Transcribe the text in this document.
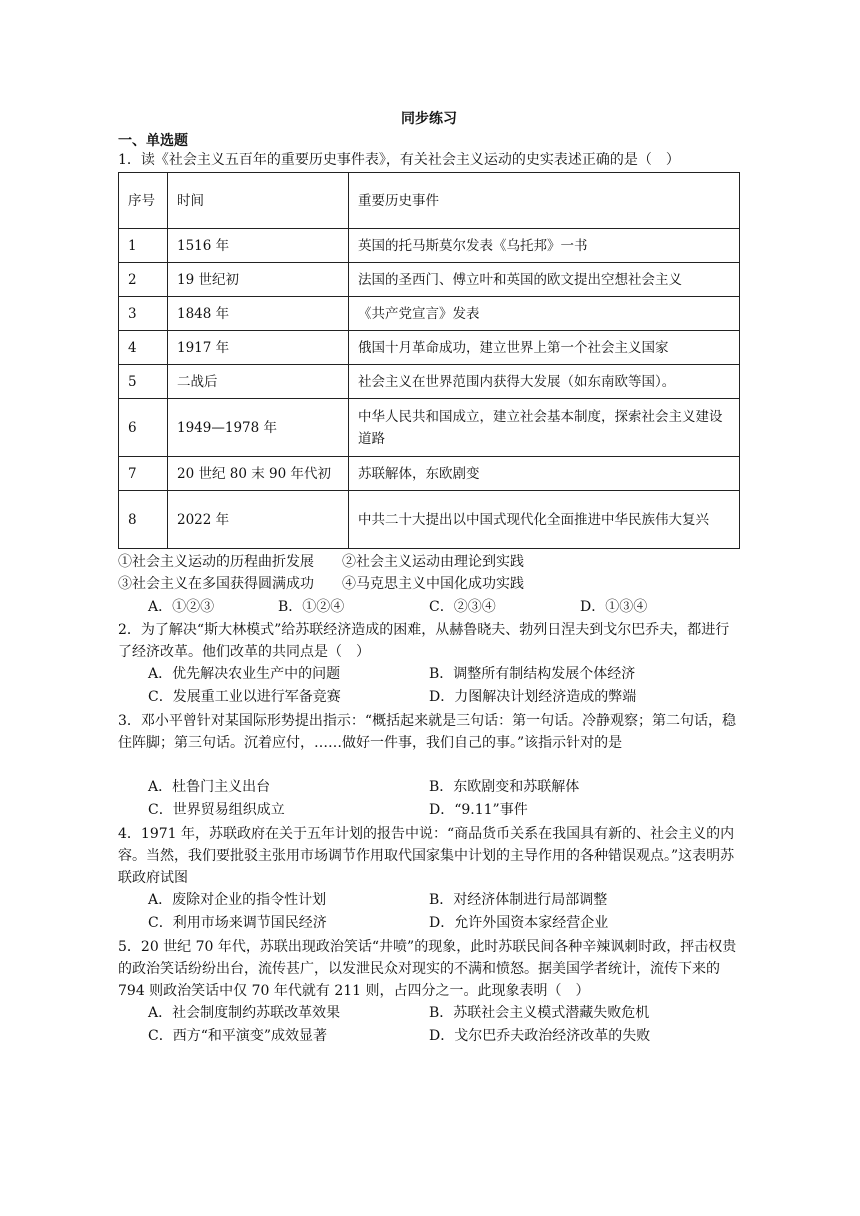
同步练习
一、单选题
1．读《社会主义五百年的重要历史事件表》，有关社会主义运动的史实表述正确的是（　）
序号	时间	重要历史事件
1	1516 年	英国的托马斯莫尔发表《乌托邦》一书
2	19 世纪初	法国的圣西门、傅立叶和英国的欧文提出空想社会主义
3	1848 年	《共产党宣言》发表
4	1917 年	俄国十月革命成功，建立世界上第一个社会主义国家
5	二战后	社会主义在世界范围内获得大发展（如东南欧等国）。
6	1949—1978 年	中华人民共和国成立，建立社会基本制度，探索社会主义建设道路
7	20 世纪 80 末 90 年代初	苏联解体，东欧剧变
8	2022 年	中共二十大提出以中国式现代化全面推进中华民族伟大复兴
①社会主义运动的历程曲折发展　　②社会主义运动由理论到实践
③社会主义在多国获得圆满成功　　④马克思主义中国化成功实践
A．①②③	B．①②④	C．②③④	D．①③④
2．为了解决“斯大林模式”给苏联经济造成的困难，从赫鲁晓夫、勃列日涅夫到戈尔巴乔夫，都进行了经济改革。他们改革的共同点是（　）
A．优先解决农业生产中的问题	B．调整所有制结构发展个体经济
C．发展重工业以进行军备竞赛	D．力图解决计划经济造成的弊端
3．邓小平曾针对某国际形势提出指示：“概括起来就是三句话：第一句话。冷静观察；第二句话，稳住阵脚；第三句话。沉着应付，……做好一件事，我们自己的事。”该指示针对的是
A．杜鲁门主义出台	B．东欧剧变和苏联解体
C．世界贸易组织成立	D．“9.11”事件
4．1971 年，苏联政府在关于五年计划的报告中说：“商品货币关系在我国具有新的、社会主义的内容。当然，我们要批驳主张用市场调节作用取代国家集中计划的主导作用的各种错误观点。”这表明苏联政府试图
A．废除对企业的指令性计划	B．对经济体制进行局部调整
C．利用市场来调节国民经济	D．允许外国资本家经营企业
5．20 世纪 70 年代，苏联出现政治笑话“井喷”的现象，此时苏联民间各种辛辣讽刺时政，抨击权贵的政治笑话纷纷出台，流传甚广，以发泄民众对现实的不满和愤怒。据美国学者统计，流传下来的 794 则政治笑话中仅 70 年代就有 211 则，占四分之一。此现象表明（　）
A．社会制度制约苏联改革效果	B．苏联社会主义模式潜藏失败危机
C．西方“和平演变”成效显著	D．戈尔巴乔夫政治经济改革的失败
